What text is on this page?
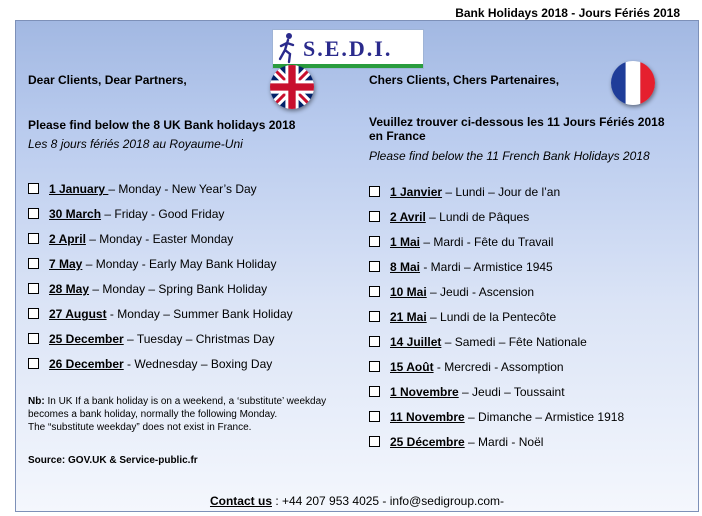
Bank Holidays 2018 - Jours Fériés 2018
S.E.D.I.
Dear Clients, Dear Partners,
Please find below the 8 UK Bank holidays 2018
Les 8 jours fériés 2018 au Royaume-Uni
1 January – Monday - New Year’s Day
30 March – Friday - Good Friday
2 April – Monday - Easter Monday
7 May – Monday - Early May Bank Holiday
28 May – Monday – Spring Bank Holiday
27 August - Monday – Summer Bank Holiday
25 December – Tuesday – Christmas Day
26 December - Wednesday – Boxing Day
Nb: In UK If a bank holiday is on a weekend, a ‘substitute’ weekday
becomes a bank holiday, normally the following Monday.
The “substitute weekday” does not exist in France.
Source: GOV.UK & Service-public.fr
Chers Clients, Chers Partenaires,
Veuillez trouver ci-dessous les 11 Jours Fériés 2018
en France
Please find below the 11 French Bank Holidays 2018
1 Janvier – Lundi – Jour de l’an
2 Avril – Lundi de Pâques
1 Mai – Mardi - Fête du Travail
8 Mai - Mardi – Armistice 1945
10 Mai – Jeudi - Ascension
21 Mai – Lundi de la Pentecôte
14 Juillet – Samedi – Fête Nationale
15 Août - Mercredi - Assomption
1 Novembre – Jeudi – Toussaint
11 Novembre – Dimanche – Armistice 1918
25 Décembre – Mardi - Noël
Contact us : +44 207 953 4025 - info@sedigroup.com-
